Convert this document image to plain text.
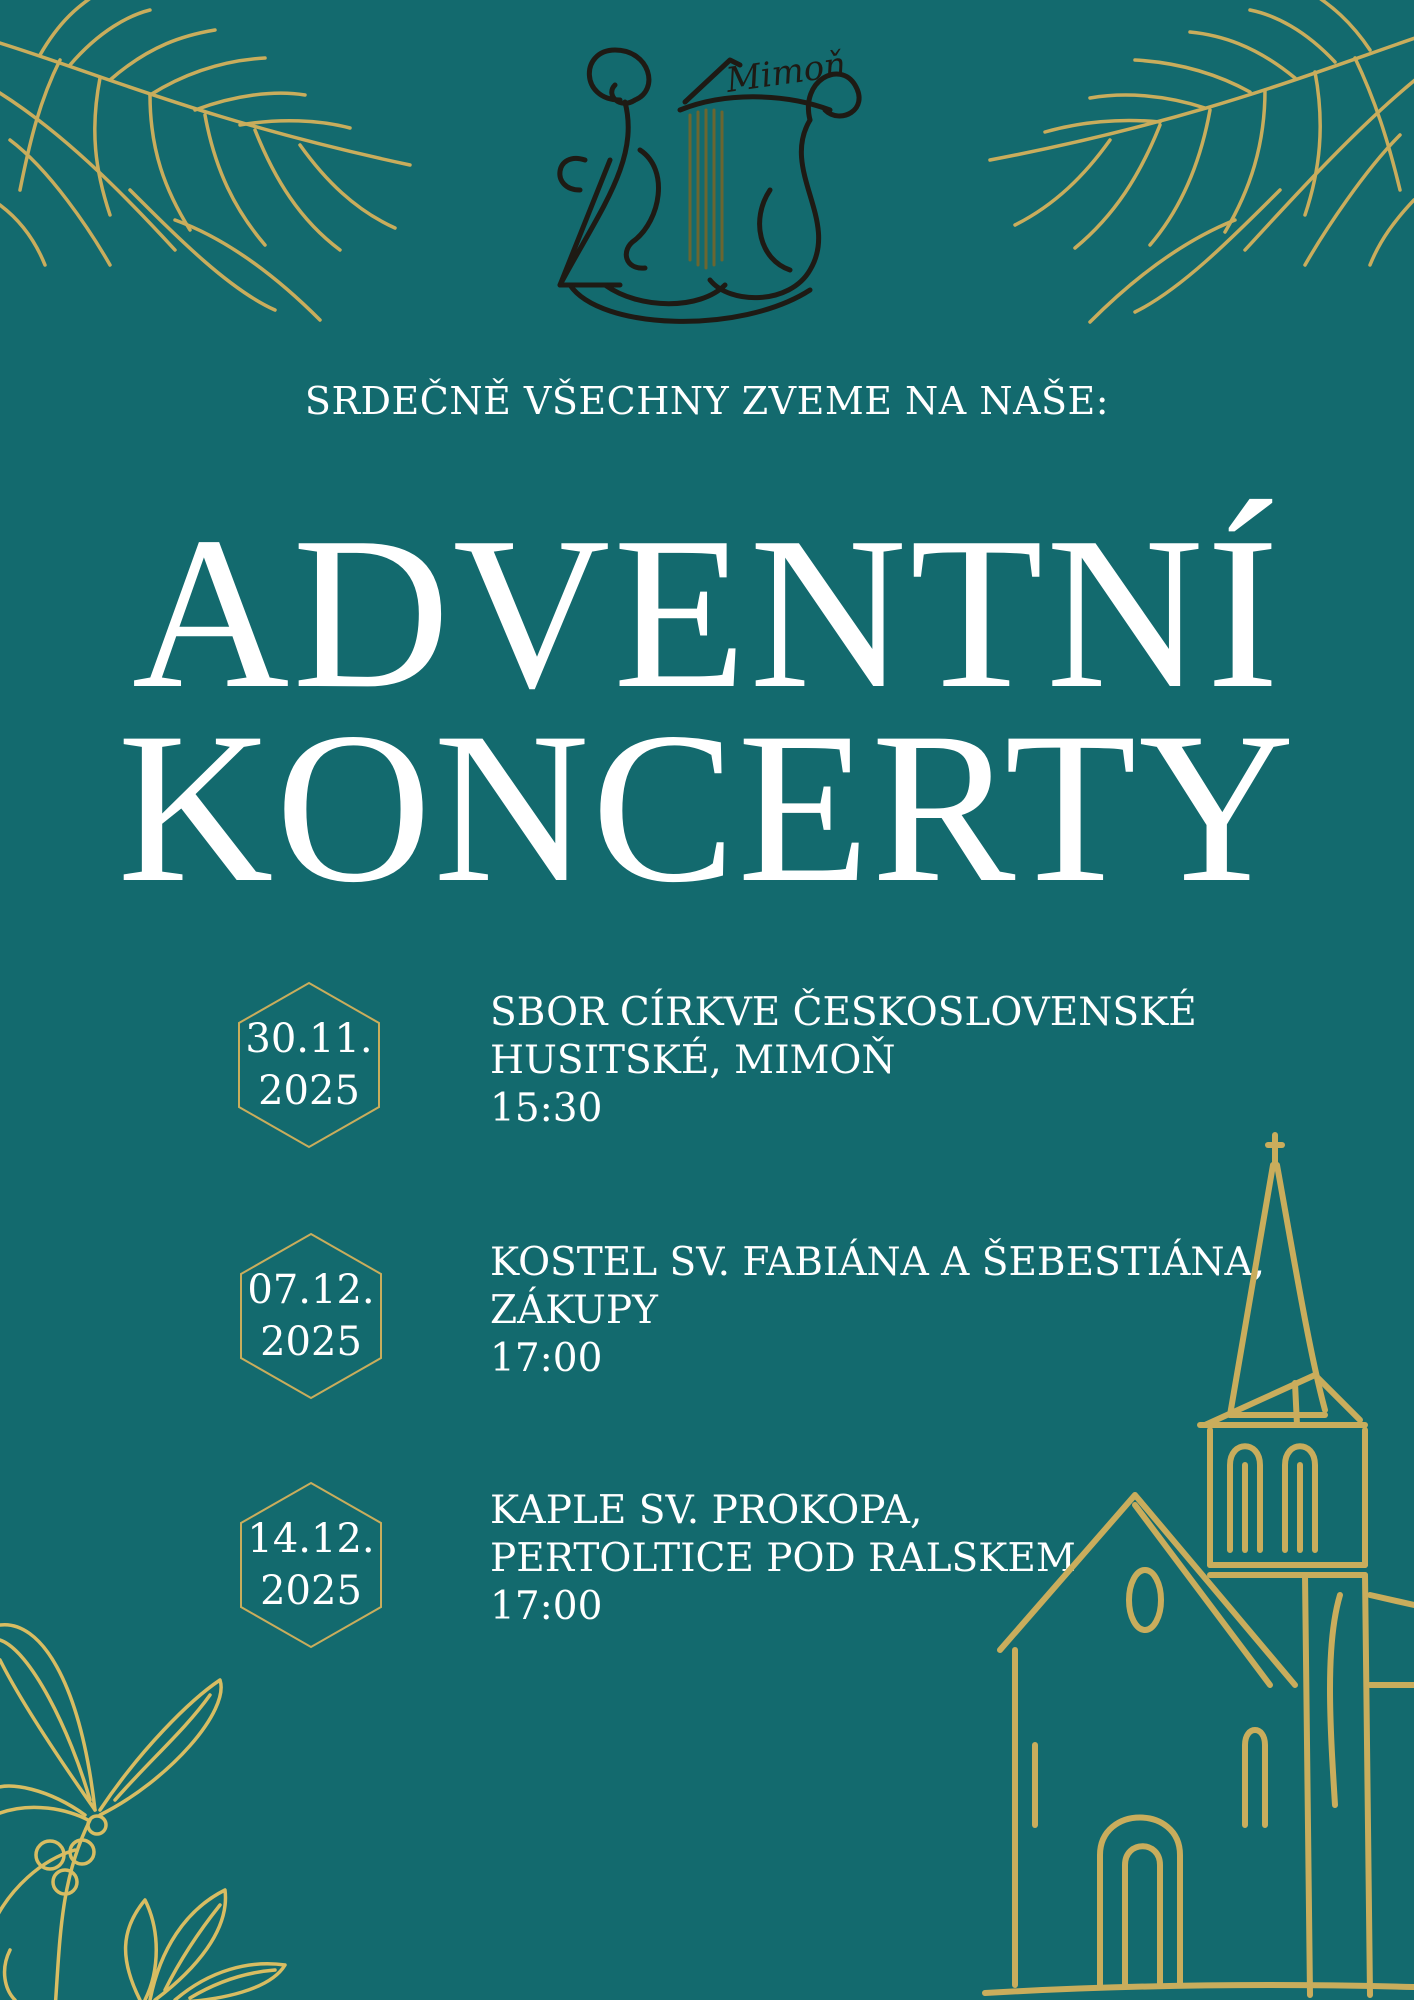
Mimoň
SRDEČNĚ VŠECHNY ZVEME NA NAŠE:
ADVENTNÍ
KONCERTY
30.11.
2025
SBOR CÍRKVE ČESKOSLOVENSKÉ
HUSITSKÉ, MIMOŇ
15:30
07.12.
2025
KOSTEL SV. FABIÁNA A ŠEBESTIÁNA,
ZÁKUPY
17:00
14.12.
2025
KAPLE SV. PROKOPA,
PERTOLTICE POD RALSKEM
17:00
